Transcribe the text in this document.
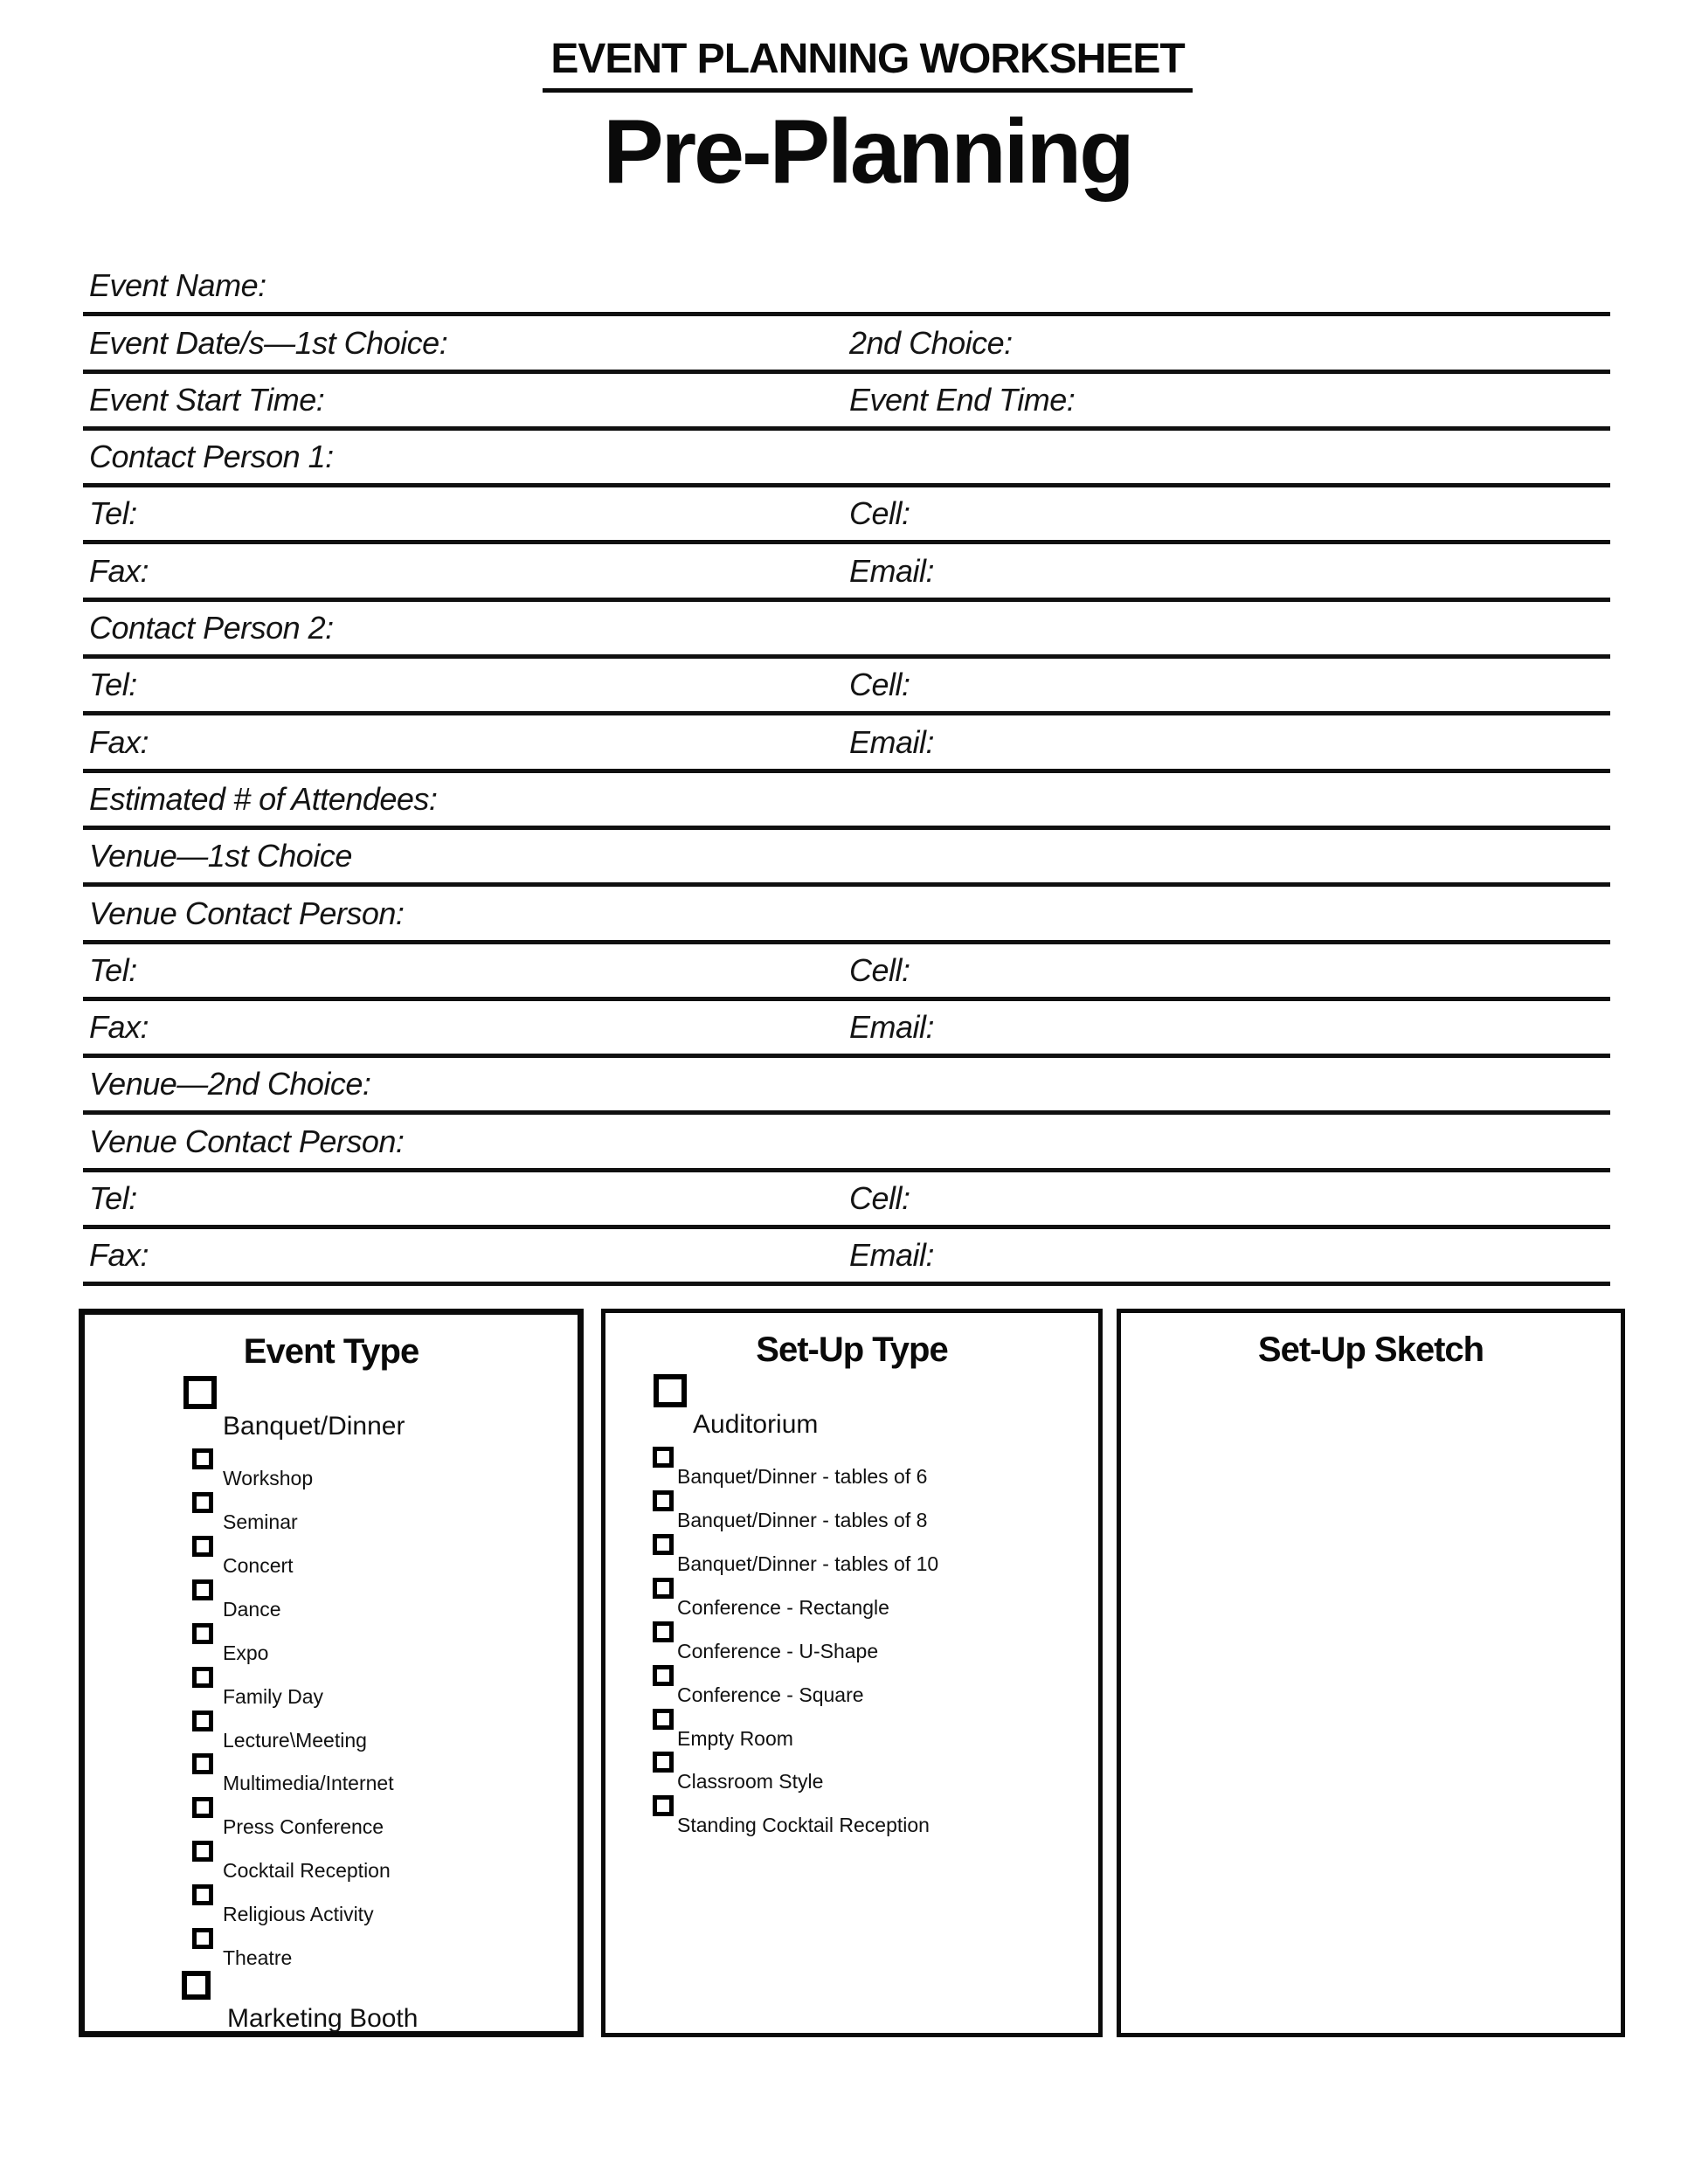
EVENT PLANNING WORKSHEET
Pre-Planning
Event Name:
Event Date/s—1st Choice:	2nd Choice:
Event Start Time:	Event End Time:
Contact Person 1:
Tel:	Cell:
Fax:	Email:
Contact Person 2:
Tel:	Cell:
Fax:	Email:
Estimated # of Attendees:
Venue—1st Choice
Venue Contact Person:
Tel:	Cell:
Fax:	Email:
Venue—2nd Choice:
Venue Contact Person:
Tel:	Cell:
Fax:	Email:
Event Type
Banquet/Dinner
Workshop
Seminar
Concert
Dance
Expo
Family Day
Lecture\Meeting
Multimedia/Internet
Press Conference
Cocktail Reception
Religious Activity
Theatre
Marketing Booth
Set-Up Type
Auditorium
Banquet/Dinner - tables of 6
Banquet/Dinner - tables of 8
Banquet/Dinner - tables of 10
Conference - Rectangle
Conference - U-Shape
Conference - Square
Empty Room
Classroom Style
Standing Cocktail Reception
Set-Up Sketch
